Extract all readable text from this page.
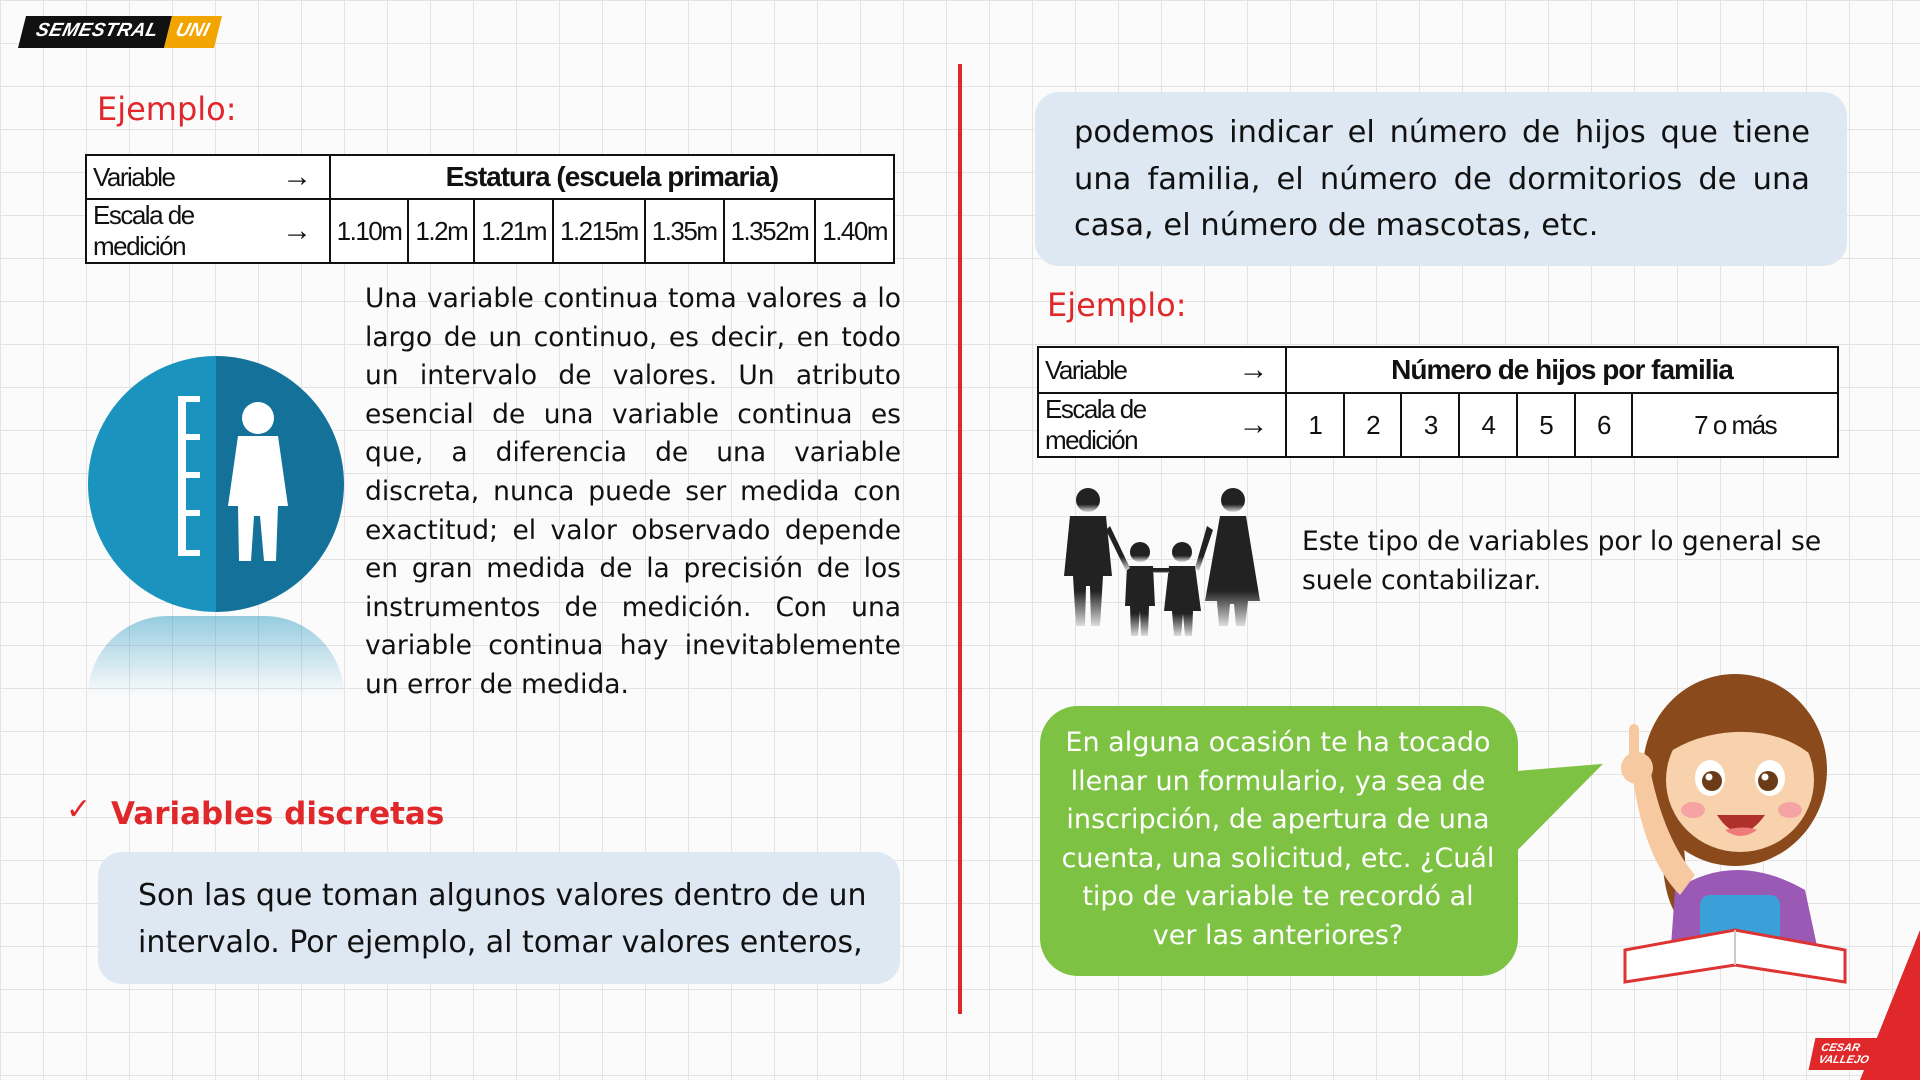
SEMESTRAL UNI
Ejemplo:
Variable	→	Estatura (escuela primaria)						
Escala de medición	→	1.10m	1.2m	1.21m	1.215m	1.35m	1.352m	1.40m
Una variable continua toma valores a lo largo de un continuo, es decir, en todo un intervalo de valores. Un atributo esencial de una variable continua es que, a diferencia de una variable discreta, nunca puede ser medida con exactitud; el valor observado depende en gran medida de la precisión de los instrumentos de medición. Con una variable continua hay inevitablemente un error de medida.
✓ Variables discretas
Son las que toman algunos valores dentro de un intervalo. Por ejemplo, al tomar valores enteros,
podemos indicar el número de hijos que tiene una familia, el número de dormitorios de una casa, el número de mascotas, etc.
Ejemplo:
Variable	→	Número de hijos por familia						
Escala de medición	→	1	2	3	4	5	6	7 o más
Este tipo de variables por lo general se suele contabilizar.
En alguna ocasión te ha tocado llenar un formulario, ya sea de inscripción, de apertura de una cuenta, una solicitud, etc. ¿Cuál tipo de variable te recordó al ver las anteriores?
CESAR
VALLEJO
